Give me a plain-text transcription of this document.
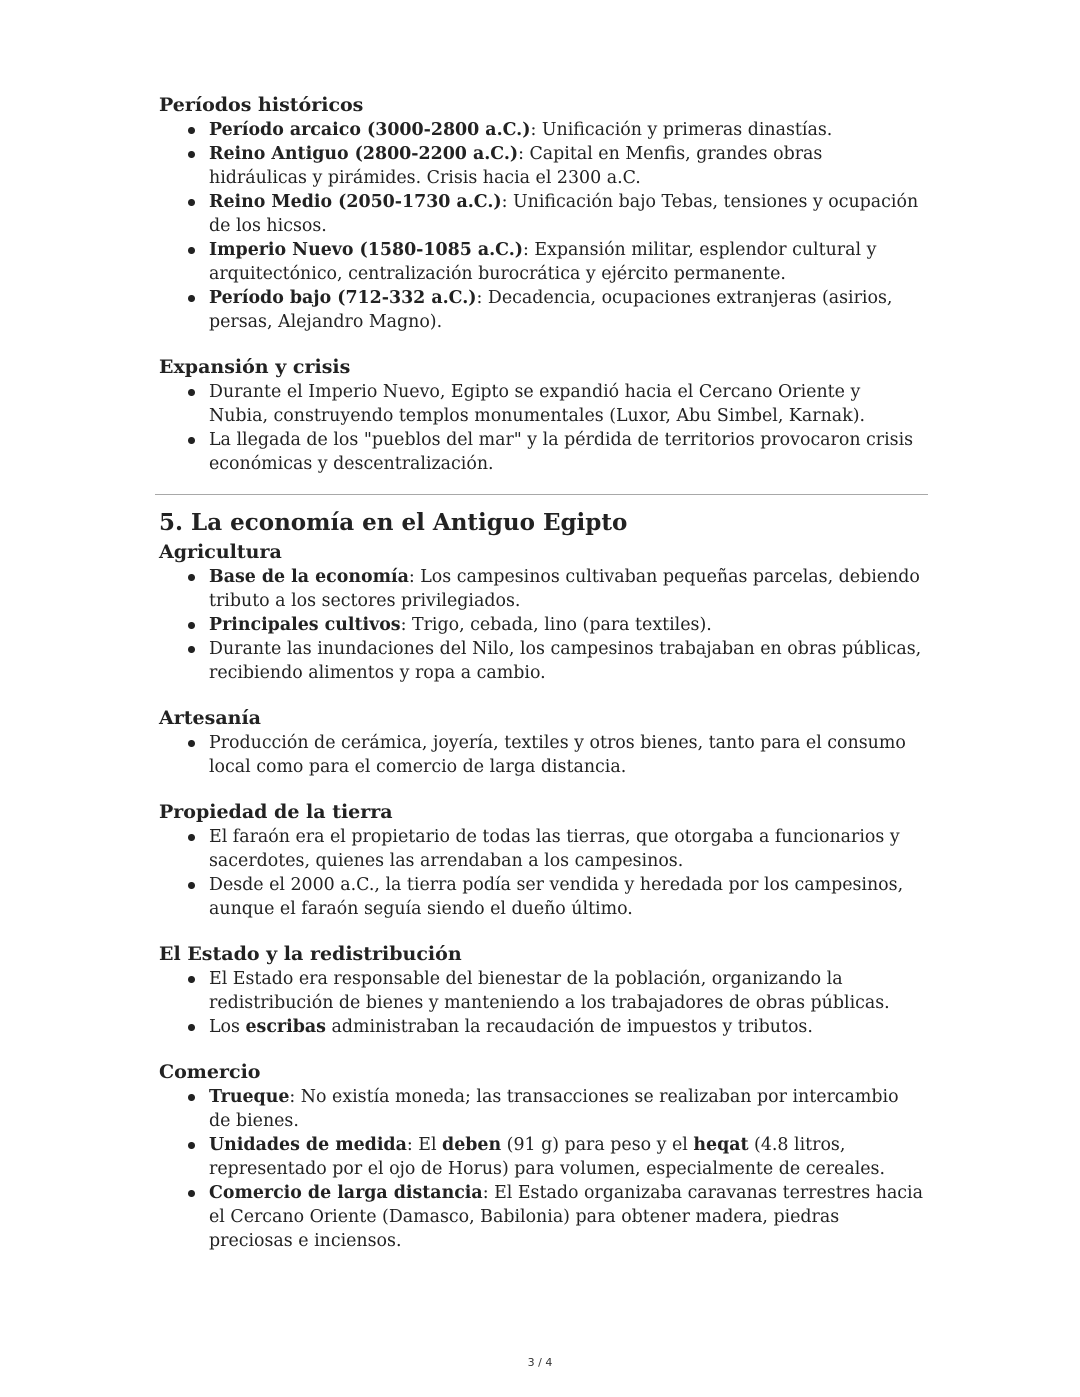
Períodos históricos
Período arcaico (3000-2800 a.C.): Unificación y primeras dinastías.
Reino Antiguo (2800-2200 a.C.): Capital en Menfis, grandes obras hidráulicas y pirámides. Crisis hacia el 2300 a.C.
Reino Medio (2050-1730 a.C.): Unificación bajo Tebas, tensiones y ocupación de los hicsos.
Imperio Nuevo (1580-1085 a.C.): Expansión militar, esplendor cultural y arquitectónico, centralización burocrática y ejército permanente.
Período bajo (712-332 a.C.): Decadencia, ocupaciones extranjeras (asirios, persas, Alejandro Magno).
Expansión y crisis
Durante el Imperio Nuevo, Egipto se expandió hacia el Cercano Oriente y Nubia, construyendo templos monumentales (Luxor, Abu Simbel, Karnak).
La llegada de los "pueblos del mar" y la pérdida de territorios provocaron crisis económicas y descentralización.
5. La economía en el Antiguo Egipto
Agricultura
Base de la economía: Los campesinos cultivaban pequeñas parcelas, debiendo tributo a los sectores privilegiados.
Principales cultivos: Trigo, cebada, lino (para textiles).
Durante las inundaciones del Nilo, los campesinos trabajaban en obras públicas, recibiendo alimentos y ropa a cambio.
Artesanía
Producción de cerámica, joyería, textiles y otros bienes, tanto para el consumo local como para el comercio de larga distancia.
Propiedad de la tierra
El faraón era el propietario de todas las tierras, que otorgaba a funcionarios y sacerdotes, quienes las arrendaban a los campesinos.
Desde el 2000 a.C., la tierra podía ser vendida y heredada por los campesinos, aunque el faraón seguía siendo el dueño último.
El Estado y la redistribución
El Estado era responsable del bienestar de la población, organizando la redistribución de bienes y manteniendo a los trabajadores de obras públicas.
Los escribas administraban la recaudación de impuestos y tributos.
Comercio
Trueque: No existía moneda; las transacciones se realizaban por intercambio de bienes.
Unidades de medida: El deben (91 g) para peso y el heqat (4.8 litros, representado por el ojo de Horus) para volumen, especialmente de cereales.
Comercio de larga distancia: El Estado organizaba caravanas terrestres hacia el Cercano Oriente (Damasco, Babilonia) para obtener madera, piedras preciosas e inciensos.
3 / 4
